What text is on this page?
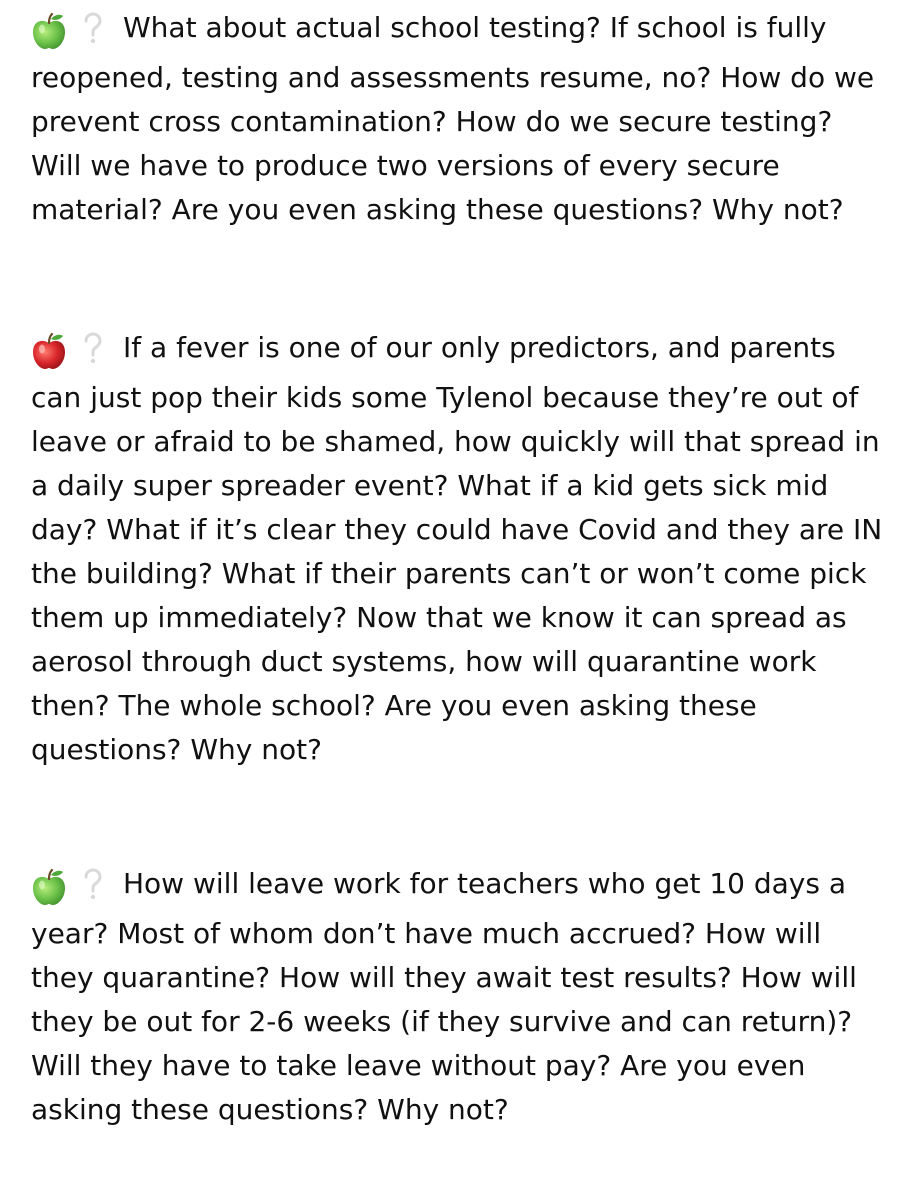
What about actual school testing? If school is fully reopened, testing and assessments resume, no? How do we prevent cross contamination? How do we secure testing? Will we have to produce two versions of every secure material? Are you even asking these questions? Why not?

If a fever is one of our only predictors, and parents can just pop their kids some Tylenol because they’re out of leave or afraid to be shamed, how quickly will that spread in a daily super spreader event? What if a kid gets sick mid day? What if it’s clear they could have Covid and they are IN the building? What if their parents can’t or won’t come pick them up immediately? Now that we know it can spread as aerosol through duct systems, how will quarantine work then? The whole school? Are you even asking these questions? Why not?

How will leave work for teachers who get 10 days a year? Most of whom don’t have much accrued? How will they quarantine? How will they await test results? How will they be out for 2-6 weeks (if they survive and can return)? Will they have to take leave without pay? Are you even asking these questions? Why not?
